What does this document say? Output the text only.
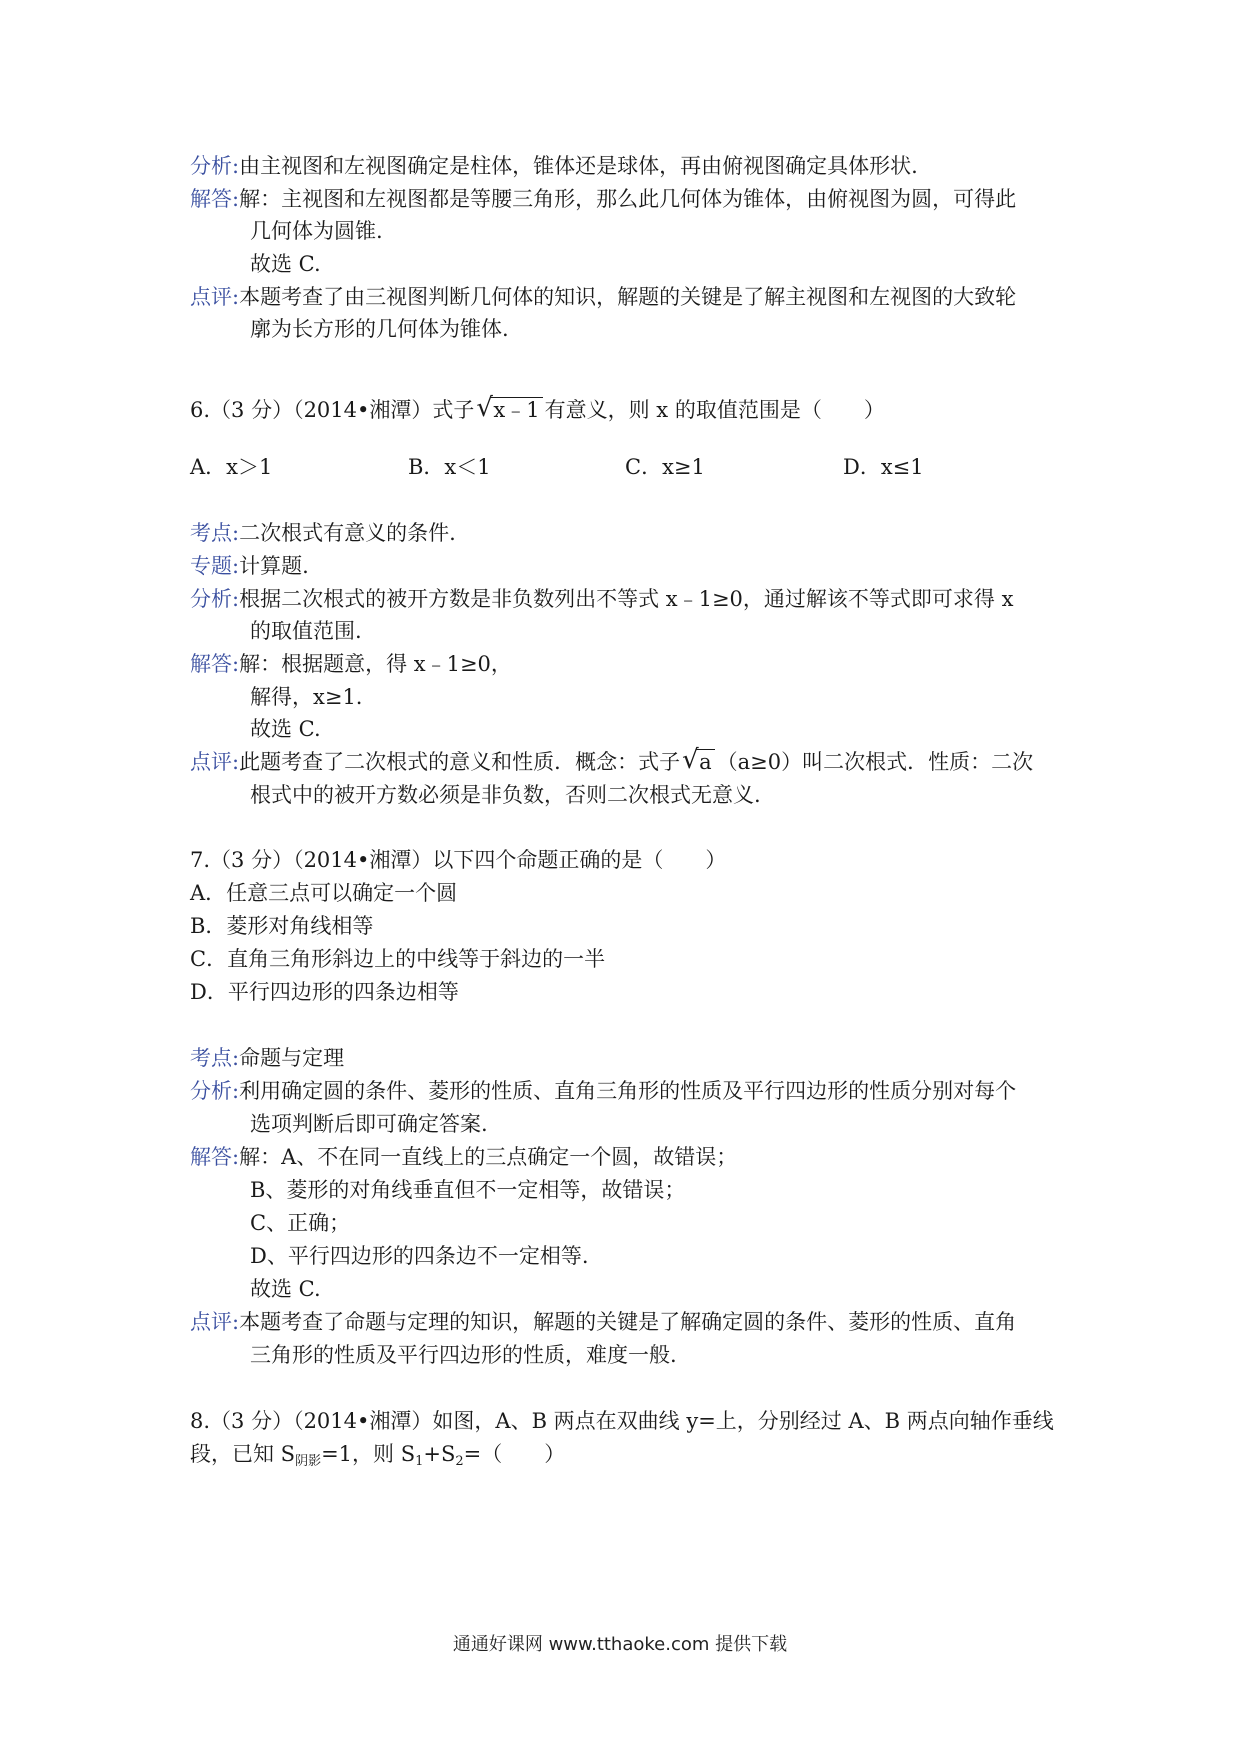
分析:由主视图和左视图确定是柱体，锥体还是球体，再由俯视图确定具体形状.
解答:解：主视图和左视图都是等腰三角形，那么此几何体为锥体，由俯视图为圆，可得此
几何体为圆锥.
故选 C.
点评:本题考查了由三视图判断几何体的知识，解题的关键是了解主视图和左视图的大致轮
廓为长方形的几何体为锥体.
6.（3 分）（2014•湘潭）式子 √ x﹣1 有意义，则 x 的取值范围是（　　）
A．x＞1	B．x＜1	C．x≥1	D．x≤1
考点:二次根式有意义的条件.
专题:计算题.
分析:根据二次根式的被开方数是非负数列出不等式 x﹣1≥0，通过解该不等式即可求得 x
的取值范围.
解答:解：根据题意，得 x﹣1≥0，
解得，x≥1.
故选 C.
点评:此题考查了二次根式的意义和性质．概念：式子 √ a （a≥0）叫二次根式．性质：二次
根式中的被开方数必须是非负数，否则二次根式无意义.
7.（3 分）（2014•湘潭）以下四个命题正确的是（　　）
A．任意三点可以确定一个圆
B．菱形对角线相等
C．直角三角形斜边上的中线等于斜边的一半
D．平行四边形的四条边相等
考点:命题与定理
分析:利用确定圆的条件、菱形的性质、直角三角形的性质及平行四边形的性质分别对每个
选项判断后即可确定答案.
解答:解：A、不在同一直线上的三点确定一个圆，故错误；
B、菱形的对角线垂直但不一定相等，故错误；
C、正确；
D、平行四边形的四条边不一定相等.
故选 C.
点评:本题考查了命题与定理的知识，解题的关键是了解确定圆的条件、菱形的性质、直角
三角形的性质及平行四边形的性质，难度一般.
8.（3 分）（2014•湘潭）如图，A、B 两点在双曲线 y=上，分别经过 A、B 两点向轴作垂线
段，已知 $S_{阴影}=1$，则 $S_1+S_2=$（　　）
通通好课网 www.tthaoke.com 提供下载
